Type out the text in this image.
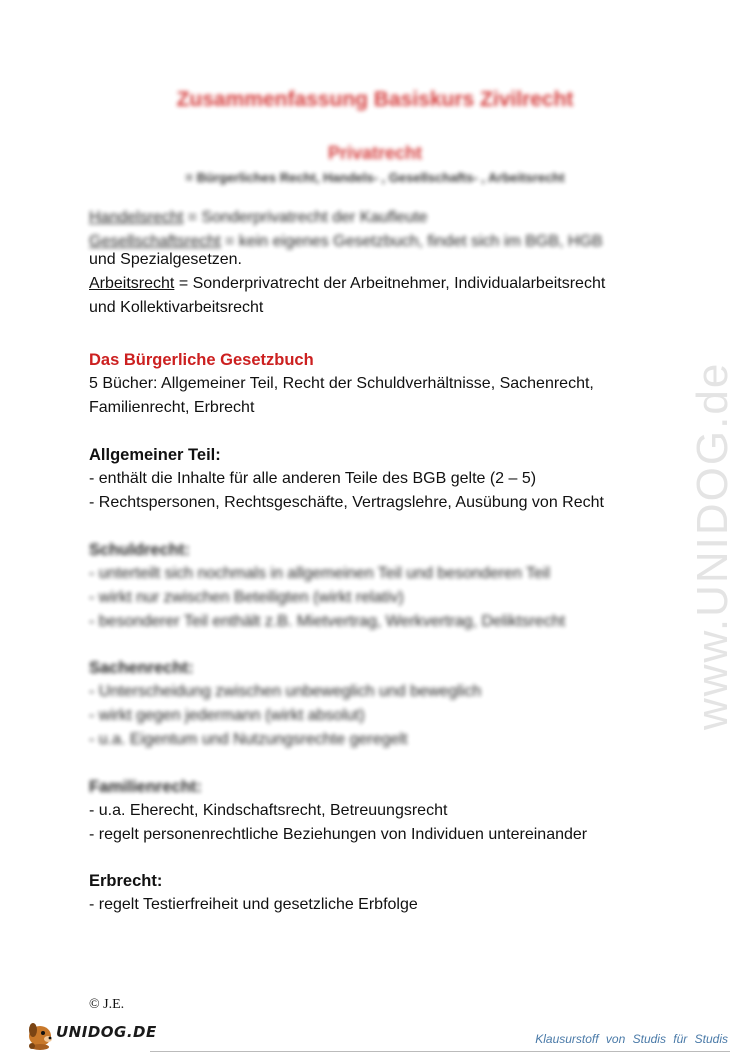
Zusammenfassung Basiskurs Zivilrecht
Privatrecht
= Bürgerliches Recht, Handels- , Gesellschafts- , Arbeitsrecht

Handelsrecht = Sonderprivatrecht der Kaufleute

Gesellschaftsrecht = kein eigenes Gesetzbuch, findet sich im BGB, HGB

und Spezialgesetzen.

Arbeitsrecht = Sonderprivatrecht der Arbeitnehmer, Individualarbeitsrecht

und Kollektivarbeitsrecht

Das Bürgerliche Gesetzbuch

5 Bücher: Allgemeiner Teil, Recht der Schuldverhältnisse, Sachenrecht,

Familienrecht, Erbrecht

Allgemeiner Teil:

- enthält die Inhalte für alle anderen Teile des BGB gelte (2 – 5)

- Rechtspersonen, Rechtsgeschäfte, Vertragslehre, Ausübung von Recht

Schuldrecht:

- unterteilt sich nochmals in allgemeinen Teil und besonderen Teil

- wirkt nur zwischen Beteiligten (wirkt relativ)

- besonderer Teil enthält z.B. Mietvertrag, Werkvertrag, Deliktsrecht

Sachenrecht:

- Unterscheidung zwischen unbeweglich und beweglich

- wirkt gegen jedermann (wirkt absolut)

- u.a. Eigentum und Nutzungsrechte geregelt

Familienrecht:

- u.a. Eherecht, Kindschaftsrecht, Betreuungsrecht

- regelt personenrechtliche Beziehungen von Individuen untereinander

Erbrecht:

- regelt Testierfreiheit und gesetzliche Erbfolge

www.UNIDOG.de
© J.E.
UNIDOG.DE	Klausurstoff von Studis für Studis
